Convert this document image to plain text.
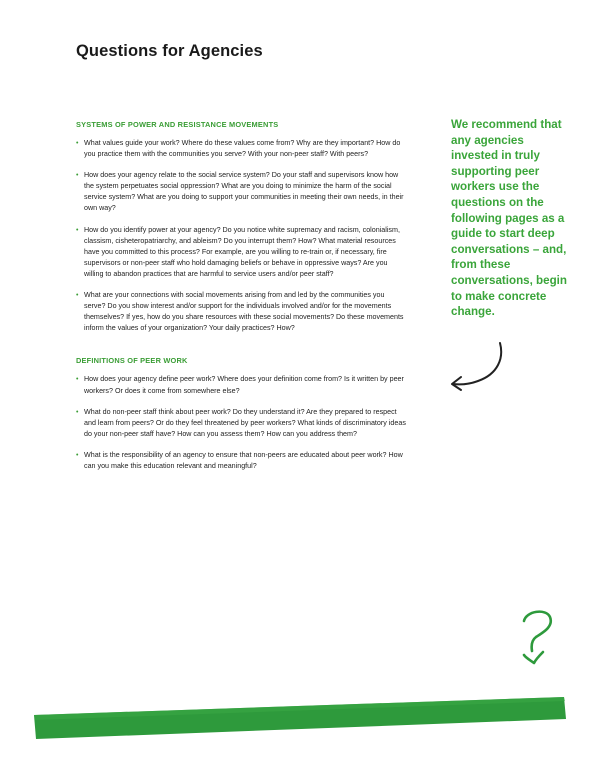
Questions for Agencies
SYSTEMS OF POWER AND RESISTANCE MOVEMENTS
• What values guide your work? Where do these values come from? Why are they important? How do you practice them with the communities you serve? With your non-peer staff? With peers?
• How does your agency relate to the social service system? Do your staff and supervisors know how the system perpetuates social oppression? What are you doing to minimize the harm of the social service system? What are you doing to support your communities in meeting their own needs, in their own way?
• How do you identify power at your agency? Do you notice white supremacy and racism, colonialism, classism, cisheteropatriarchy, and ableism? Do you interrupt them? How? What material resources have you committed to this process? For example, are you willing to re-train or, if necessary, fire supervisors or non-peer staff who hold damaging beliefs or behave in oppressive ways? Are you willing to abandon practices that are harmful to service users and/or peer staff?
• What are your connections with social movements arising from and led by the communities you serve? Do you show interest and/or support for the individuals involved and/or for the movements themselves? If yes, how do you share resources with these social movements? Do these movements inform the values of your organization? Your daily practices? How?
DEFINITIONS OF PEER WORK
• How does your agency define peer work? Where does your definition come from? Is it written by peer workers? Or does it come from somewhere else?
• What do non-peer staff think about peer work? Do they understand it? Are they prepared to respect and learn from peers? Or do they feel threatened by peer workers? What kinds of discriminatory ideas do your non-peer staff have? How can you assess them? How can you address them?
• What is the responsibility of an agency to ensure that non-peers are educated about peer work? How can you make this education relevant and meaningful?
We recommend that any agencies invested in truly supporting peer workers use the questions on the following pages as a guide to start deep conversations – and, from these conversations, begin to make concrete change.
